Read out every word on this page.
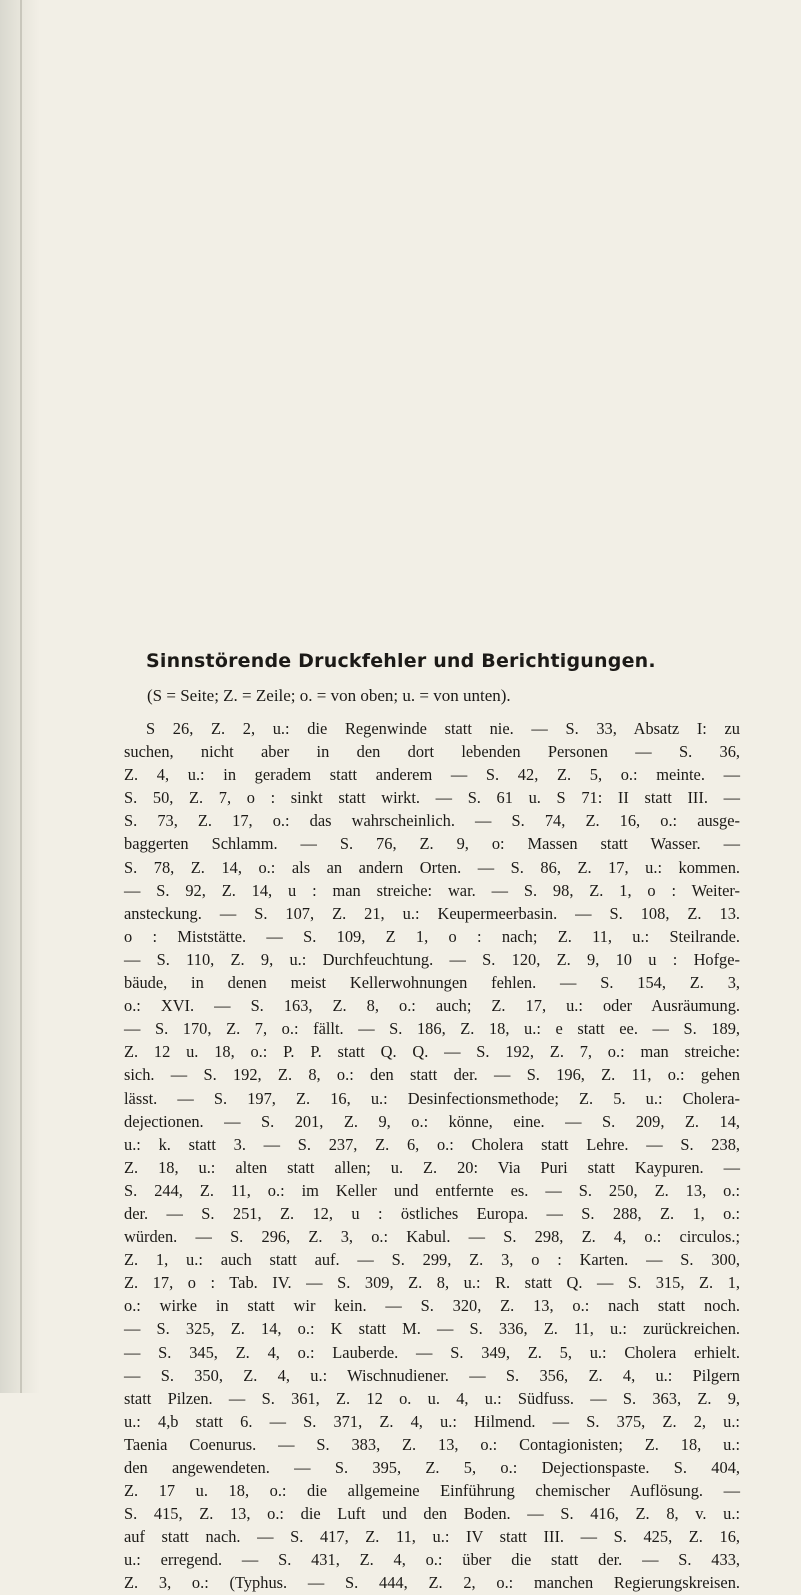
Sinnstörende Druckfehler und Berichtigungen.
(S = Seite; Z. = Zeile; o. = von oben; u. = von unten).
S 26, Z. 2, u.: die Regenwinde statt nie. — S. 33, Absatz I: zu
suchen, nicht aber in den dort lebenden Personen — S. 36,
Z. 4, u.: in geradem statt anderem — S. 42, Z. 5, o.: meinte. —
S. 50, Z. 7, o : sinkt statt wirkt. — S. 61 u. S 71: II statt III. —
S. 73, Z. 17, o.: das wahrscheinlich. — S. 74, Z. 16, o.: ausge-
baggerten Schlamm. — S. 76, Z. 9, o: Massen statt Wasser. —
S. 78, Z. 14, o.: als an andern Orten. — S. 86, Z. 17, u.: kommen.
— S. 92, Z. 14, u : man streiche: war. — S. 98, Z. 1, o : Weiter-
ansteckung. — S. 107, Z. 21, u.: Keupermeerbasin. — S. 108, Z. 13.
o : Miststätte. — S. 109, Z 1, o : nach; Z. 11, u.: Steilrande.
— S. 110, Z. 9, u.: Durchfeuchtung. — S. 120, Z. 9, 10 u : Hofge-
bäude, in denen meist Kellerwohnungen fehlen. — S. 154, Z. 3,
o.: XVI. — S. 163, Z. 8, o.: auch; Z. 17, u.: oder Ausräumung.
— S. 170, Z. 7, o.: fällt. — S. 186, Z. 18, u.: e statt ee. — S. 189,
Z. 12 u. 18, o.: P. P. statt Q. Q. — S. 192, Z. 7, o.: man streiche:
sich. — S. 192, Z. 8, o.: den statt der. — S. 196, Z. 11, o.: gehen
lässt. — S. 197, Z. 16, u.: Desinfectionsmethode; Z. 5. u.: Cholera-
dejectionen. — S. 201, Z. 9, o.: könne, eine. — S. 209, Z. 14,
u.: k. statt 3. — S. 237, Z. 6, o.: Cholera statt Lehre. — S. 238,
Z. 18, u.: alten statt allen; u. Z. 20: Via Puri statt Kaypuren. —
S. 244, Z. 11, o.: im Keller und entfernte es. — S. 250, Z. 13, o.:
der. — S. 251, Z. 12, u : östliches Europa. — S. 288, Z. 1, o.:
würden. — S. 296, Z. 3, o.: Kabul. — S. 298, Z. 4, o.: circulos.;
Z. 1, u.: auch statt auf. — S. 299, Z. 3, o : Karten. — S. 300,
Z. 17, o : Tab. IV. — S. 309, Z. 8, u.: R. statt Q. — S. 315, Z. 1,
o.: wirke in statt wir kein. — S. 320, Z. 13, o.: nach statt noch.
— S. 325, Z. 14, o.: K statt M. — S. 336, Z. 11, u.: zurückreichen.
— S. 345, Z. 4, o.: Lauberde. — S. 349, Z. 5, u.: Cholera erhielt.
— S. 350, Z. 4, u.: Wischnudiener. — S. 356, Z. 4, u.: Pilgern
statt Pilzen. — S. 361, Z. 12 o. u. 4, u.: Südfuss. — S. 363, Z. 9,
u.: 4,b statt 6. — S. 371, Z. 4, u.: Hilmend. — S. 375, Z. 2, u.:
Taenia Coenurus. — S. 383, Z. 13, o.: Contagionisten; Z. 18, u.:
den angewendeten. — S. 395, Z. 5, o.: Dejectionspaste. S. 404,
Z. 17 u. 18, o.: die allgemeine Einführung chemischer Auflösung. —
S. 415, Z. 13, o.: die Luft und den Boden. — S. 416, Z. 8, v. u.:
auf statt nach. — S. 417, Z. 11, u.: IV statt III. — S. 425, Z. 16,
u.: erregend. — S. 431, Z. 4, o.: über die statt der. — S. 433,
Z. 3, o.: (Typhus. — S. 444, Z. 2, o.: manchen Regierungskreisen.
